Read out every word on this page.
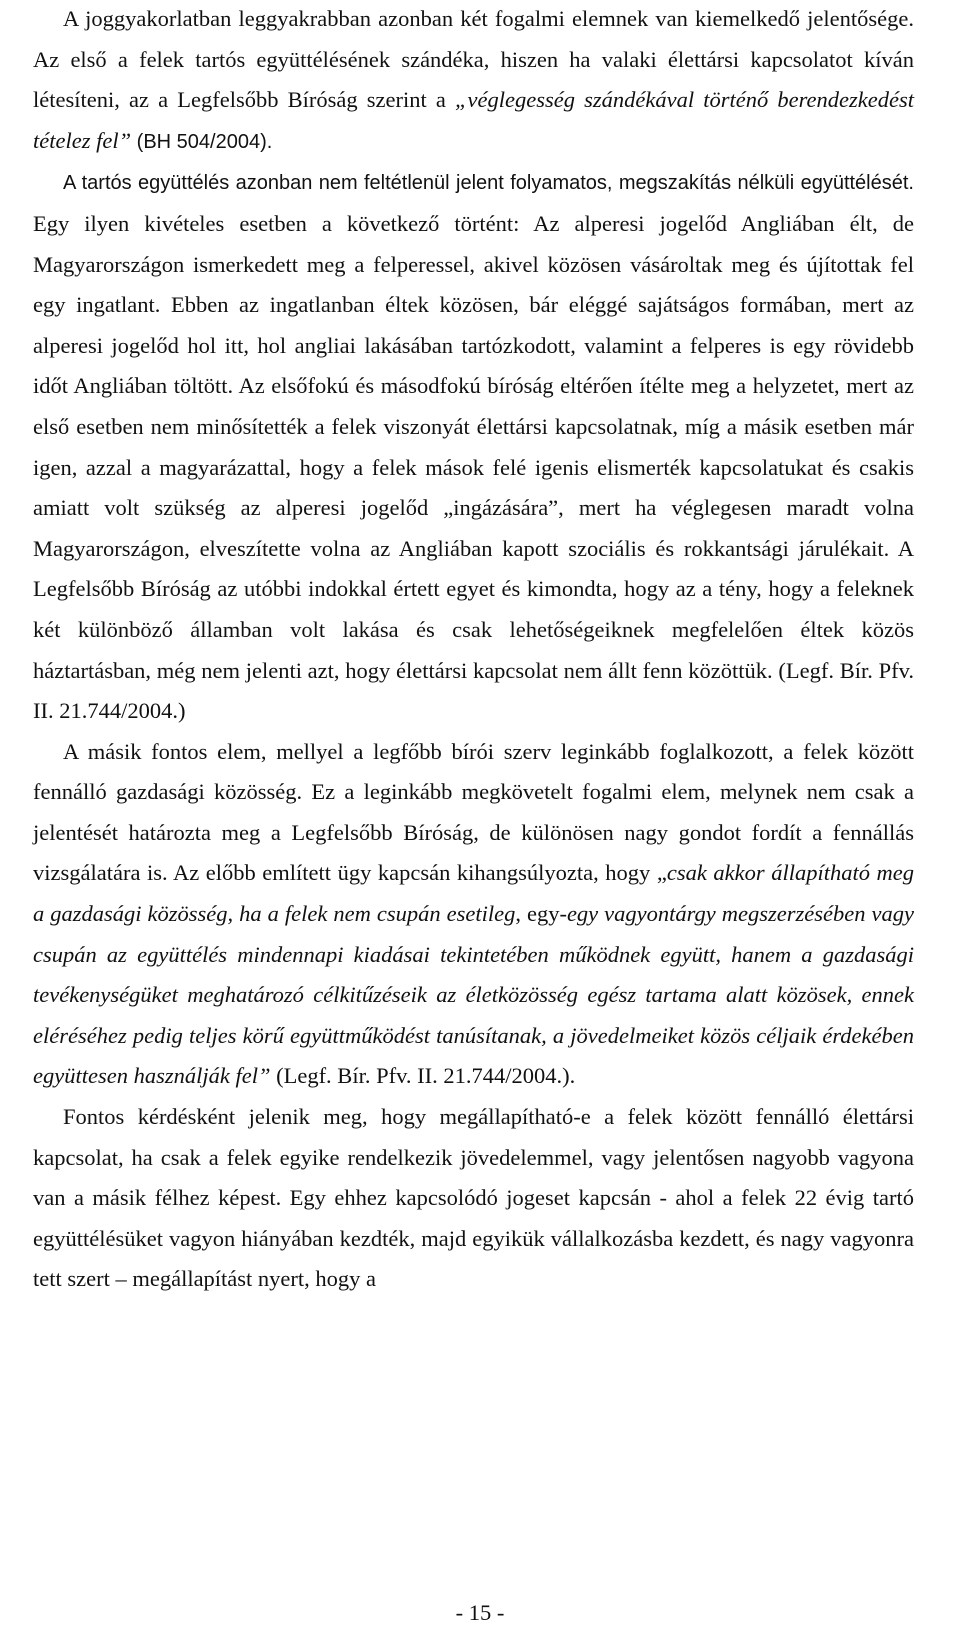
A joggyakorlatban leggyakrabban azonban két fogalmi elemnek van kiemelkedő jelentősége. Az első a felek tartós együttélésének szándéka, hiszen ha valaki élettársi kapcsolatot kíván létesíteni, az a Legfelsőbb Bíróság szerint a „véglegesség szándékával történő berendezkedést tételez fel” (BH 504/2004).

A tartós együttélés azonban nem feltétlenül jelent folyamatos, megszakítás nélküli együttélését. Egy ilyen kivételes esetben a következő történt: Az alperesi jogelőd Angliában élt, de Magyarországon ismerkedett meg a felperessel, akivel közösen vásároltak meg és újítottak fel egy ingatlant. Ebben az ingatlanban éltek közösen, bár eléggé sajátságos formában, mert az alperesi jogelőd hol itt, hol angliai lakásában tartózkodott, valamint a felperes is egy rövidebb időt Angliában töltött. Az elsőfokú és másodfokú bíróság eltérően ítélte meg a helyzetet, mert az első esetben nem minősítették a felek viszonyát élettársi kapcsolatnak, míg a másik esetben már igen, azzal a magyarázattal, hogy a felek mások felé igenis elismerték kapcsolatukat és csakis amiatt volt szükség az alperesi jogelőd „ingázására”, mert ha véglegesen maradt volna Magyarországon, elveszítette volna az Angliában kapott szociális és rokkantsági járulékait. A Legfelsőbb Bíróság az utóbbi indokkal értett egyet és kimondta, hogy az a tény, hogy a feleknek két különböző államban volt lakása és csak lehetőségeiknek megfelelően éltek közös háztartásban, még nem jelenti azt, hogy élettársi kapcsolat nem állt fenn közöttük. (Legf. Bír. Pfv. II. 21.744/2004.)

A másik fontos elem, mellyel a legfőbb bírói szerv leginkább foglalkozott, a felek között fennálló gazdasági közösség. Ez a leginkább megkövetelt fogalmi elem, melynek nem csak a jelentését határozta meg a Legfelsőbb Bíróság, de különösen nagy gondot fordít a fennállás vizsgálatára is. Az előbb említett ügy kapcsán kihangsúlyozta, hogy „csak akkor állapítható meg a gazdasági közösség, ha a felek nem csupán esetileg, egy-egy vagyontárgy megszerzésében vagy csupán az együttélés mindennapi kiadásai tekintetében működnek együtt, hanem a gazdasági tevékenységüket meghatározó célkitűzéseik az életközösség egész tartama alatt közösek, ennek eléréséhez pedig teljes körű együttműködést tanúsítanak, a jövedelmeiket közös céljaik érdekében együttesen használják fel” (Legf. Bír. Pfv. II. 21.744/2004.).

Fontos kérdésként jelenik meg, hogy megállapítható-e a felek között fennálló élettársi kapcsolat, ha csak a felek egyike rendelkezik jövedelemmel, vagy jelentősen nagyobb vagyona van a másik félhez képest. Egy ehhez kapcsolódó jogeset kapcsán - ahol a felek 22 évig tartó együttélésüket vagyon hiányában kezdték, majd egyikük vállalkozásba kezdett, és nagy vagyonra tett szert – megállapítást nyert, hogy a

- 15 -
